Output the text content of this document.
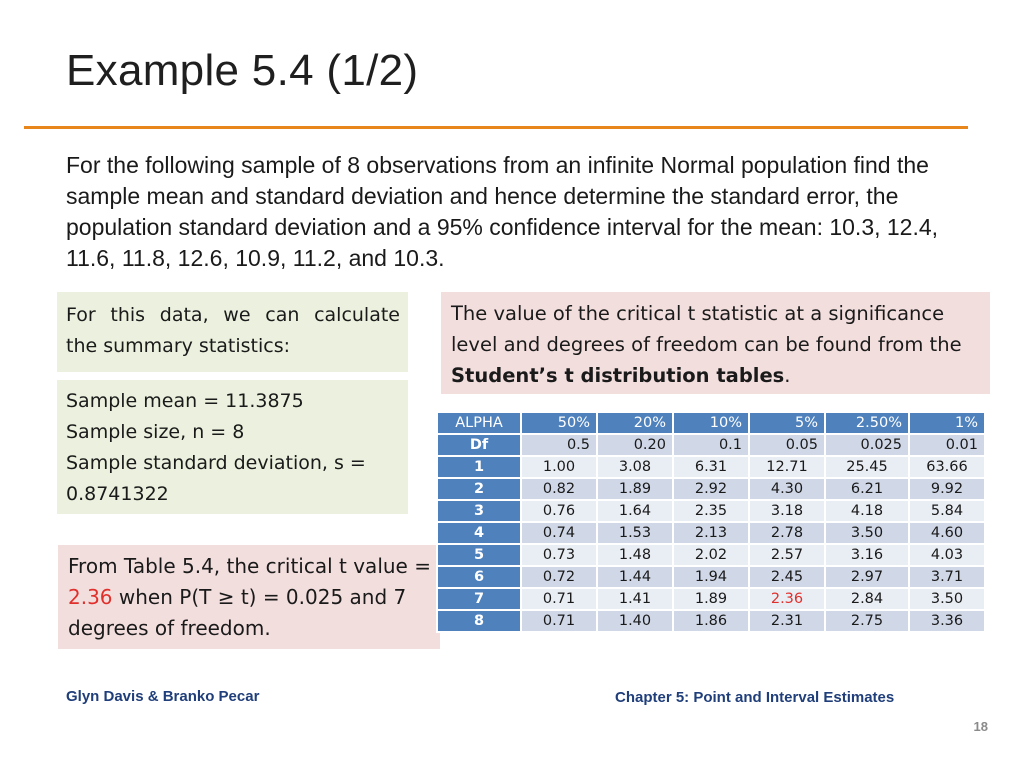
Example 5.4 (1/2)
For the following sample of 8 observations from an infinite Normal population find the sample mean and standard deviation and hence determine the standard error, the population standard deviation and a 95% confidence interval for the mean: 10.3, 12.4, 11.6, 11.8, 12.6, 10.9, 11.2, and 10.3.
For this data, we can calculate
the summary statistics:
Sample mean = 11.3875
Sample size, n = 8
Sample standard deviation, s =
0.8741322
The value of the critical t statistic at a significance level and degrees of freedom can be found from the Student’s t distribution tables.
From Table 5.4, the critical t value = 2.36 when P(T ≥ t) = 0.025 and 7 degrees of freedom.
ALPHA	50%	20%	10%	5%	2.50%	1%
Df	0.5	0.20	0.1	0.05	0.025	0.01
1	1.00	3.08	6.31	12.71	25.45	63.66
2	0.82	1.89	2.92	4.30	6.21	9.92
3	0.76	1.64	2.35	3.18	4.18	5.84
4	0.74	1.53	2.13	2.78	3.50	4.60
5	0.73	1.48	2.02	2.57	3.16	4.03
6	0.72	1.44	1.94	2.45	2.97	3.71
7	0.71	1.41	1.89	2.36	2.84	3.50
8	0.71	1.40	1.86	2.31	2.75	3.36
Glyn Davis & Branko Pecar	Chapter 5: Point and Interval Estimates
18
